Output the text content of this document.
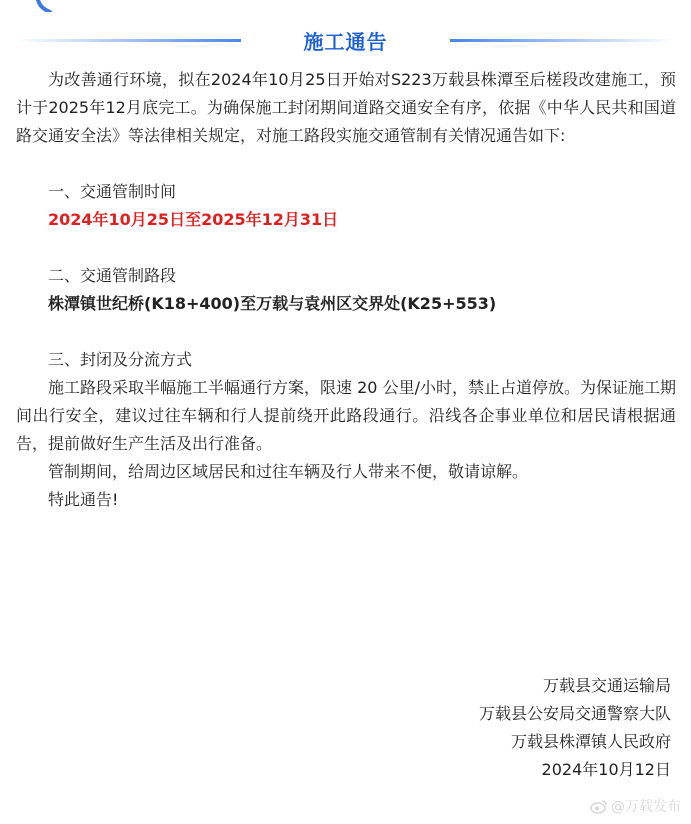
施工通告

为改善通行环境，拟在2024年10月25日开始对S223万载县株潭至后槎段改建施工，预计于2025年12月底完工。为确保施工封闭期间道路交通安全有序，依据《中华人民共和国道路交通安全法》等法律相关规定，对施工路段实施交通管制有关情况通告如下:

一、交通管制时间

2024年10月25日至2025年12月31日

二、交通管制路段

株潭镇世纪桥(K18+400)至万载与袁州区交界处(K25+553)

三、封闭及分流方式

施工路段采取半幅施工半幅通行方案，限速 20 公里/小时，禁止占道停放。为保证施工期间出行安全，建议过往车辆和行人提前绕开此路段通行。沿线各企事业单位和居民请根据通告，提前做好生产生活及出行准备。

管制期间，给周边区域居民和过往车辆及行人带来不便，敬请谅解。

特此通告!

万载县交通运输局
万载县公安局交通警察大队
万载县株潭镇人民政府
2024年10月12日
@万载发布
